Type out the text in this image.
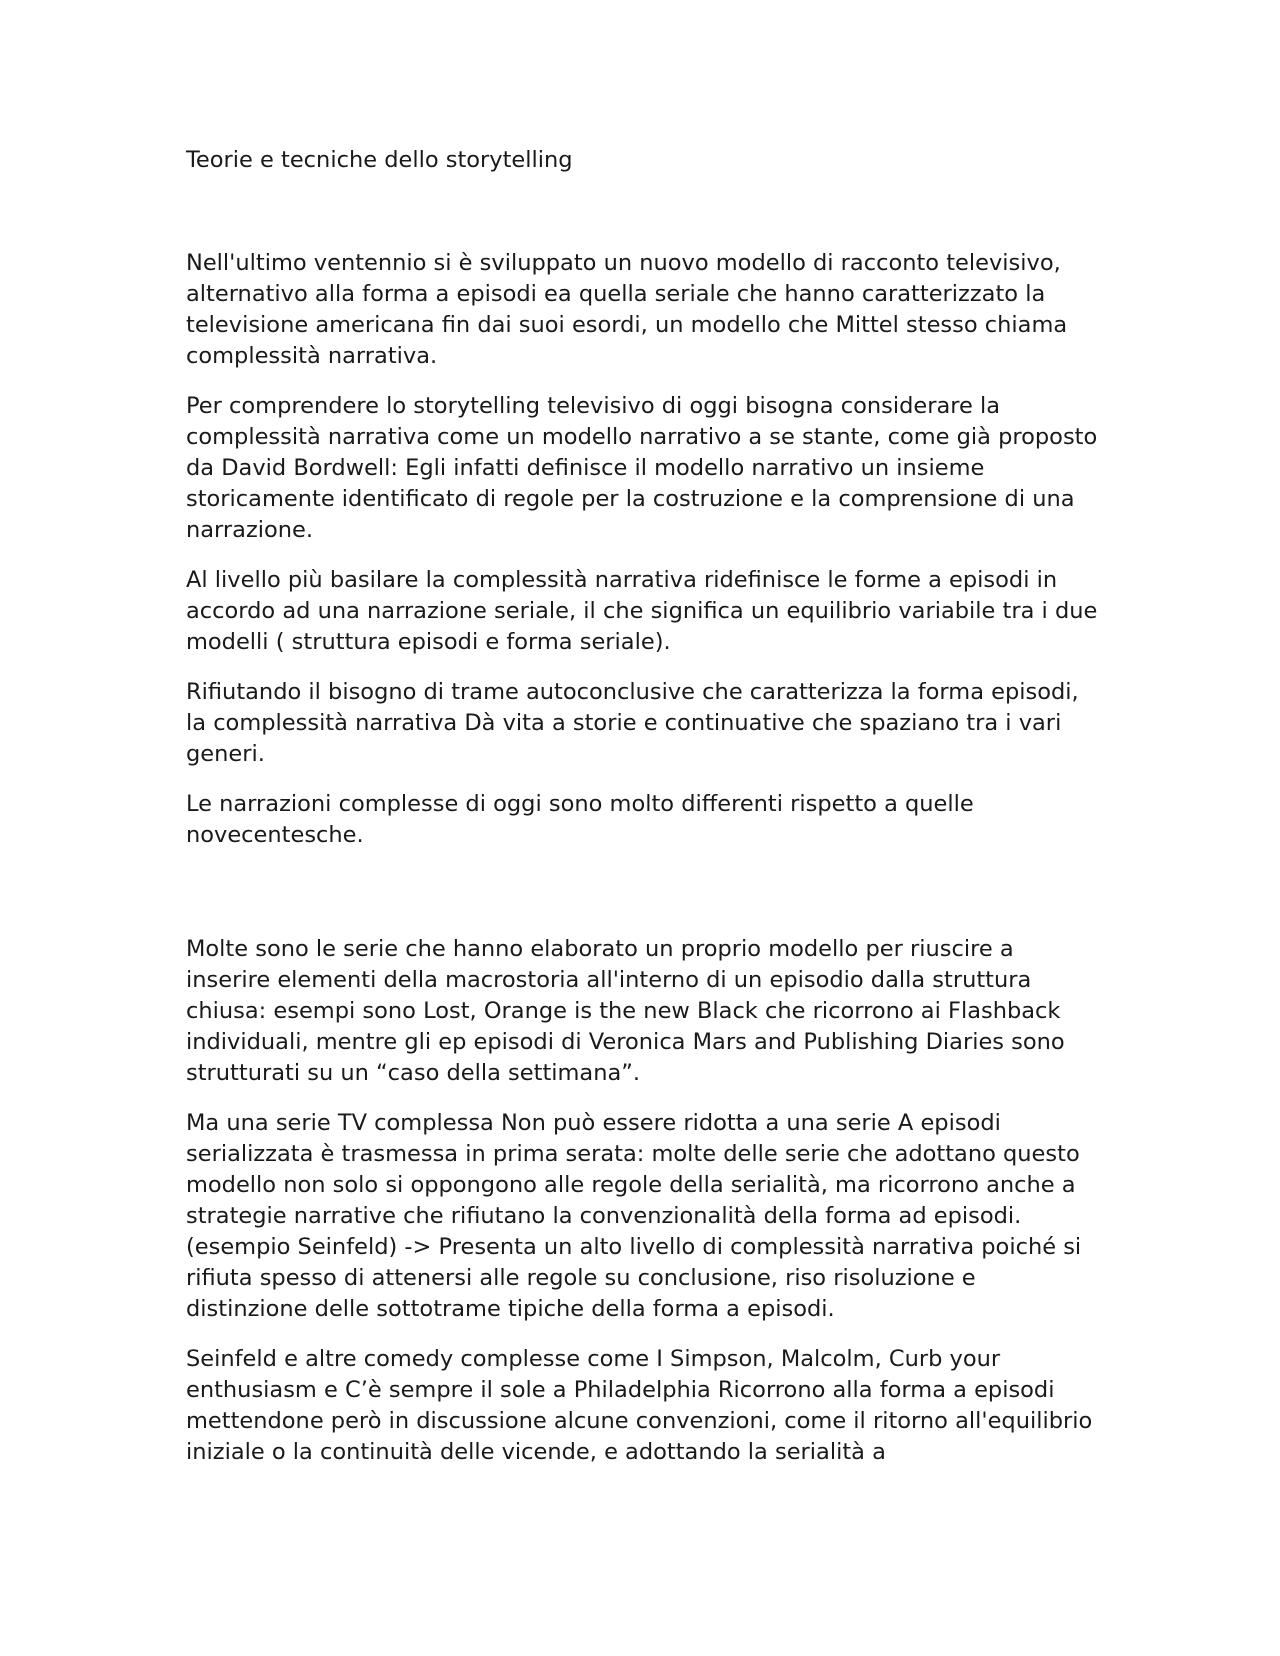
Teorie e tecniche dello storytelling

Nell'ultimo ventennio si è sviluppato un nuovo modello di racconto televisivo, alternativo alla forma a episodi ea quella seriale che hanno caratterizzato la televisione americana fin dai suoi esordi, un modello che Mittel stesso chiama complessità narrativa.

Per comprendere lo storytelling televisivo di oggi bisogna considerare la complessità narrativa come un modello narrativo a se stante, come già proposto da David Bordwell: Egli infatti definisce il modello narrativo un insieme storicamente identificato di regole per la costruzione e la comprensione di una narrazione.

Al livello più basilare la complessità narrativa ridefinisce le forme a episodi in accordo ad una narrazione seriale, il che significa un equilibrio variabile tra i due modelli ( struttura episodi e forma seriale).

Rifiutando il bisogno di trame autoconclusive che caratterizza la forma episodi, la complessità narrativa Dà vita a storie e continuative che spaziano tra i vari generi.

Le narrazioni complesse di oggi sono molto differenti rispetto a quelle novecentesche.

Molte sono le serie che hanno elaborato un proprio modello per riuscire a inserire elementi della macrostoria all'interno di un episodio dalla struttura chiusa: esempi sono Lost, Orange is the new Black che ricorrono ai Flashback individuali, mentre gli ep episodi di Veronica Mars and Publishing Diaries sono strutturati su un “caso della settimana”.

Ma una serie TV complessa Non può essere ridotta a una serie A episodi serializzata è trasmessa in prima serata: molte delle serie che adottano questo modello non solo si oppongono alle regole della serialità, ma ricorrono anche a strategie narrative che rifiutano la convenzionalità della forma ad episodi. (esempio Seinfeld) -> Presenta un alto livello di complessità narrativa poiché si rifiuta spesso di attenersi alle regole su conclusione, riso risoluzione e distinzione delle sottotrame tipiche della forma a episodi.

Seinfeld e altre comedy complesse come I Simpson, Malcolm, Curb your enthusiasm e C’è sempre il sole a Philadelphia Ricorrono alla forma a episodi mettendone però in discussione alcune convenzioni, come il ritorno all'equilibrio iniziale o la continuità delle vicende, e adottando la serialità a
